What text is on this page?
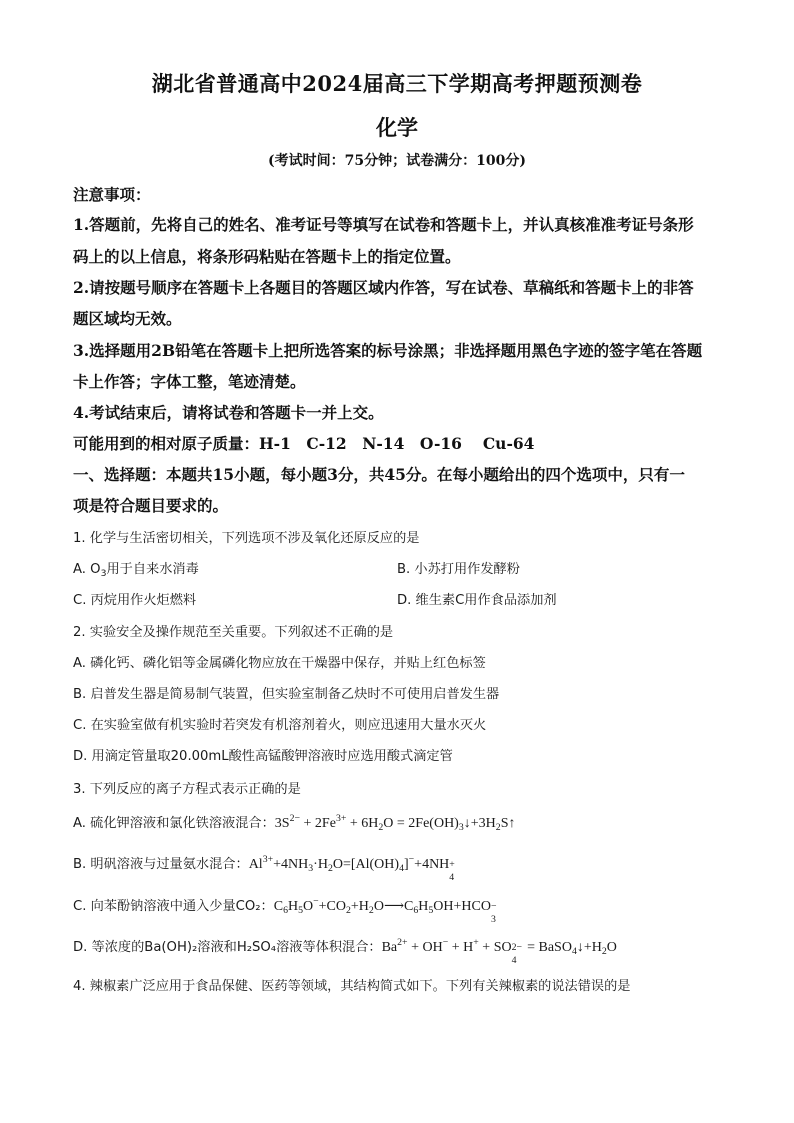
湖北省普通高中2024届高三下学期高考押题预测卷
化学
(考试时间：75分钟；试卷满分：100分)
注意事项：
1.答题前，先将自己的姓名、准考证号等填写在试卷和答题卡上，并认真核准准考证号条形
码上的以上信息，将条形码粘贴在答题卡上的指定位置。
2.请按题号顺序在答题卡上各题目的答题区域内作答，写在试卷、草稿纸和答题卡上的非答
题区域均无效。
3.选择题用2B铅笔在答题卡上把所选答案的标号涂黑；非选择题用黑色字迹的签字笔在答题
卡上作答；字体工整，笔迹清楚。
4.考试结束后，请将试卷和答题卡一并上交。
可能用到的相对原子质量：H-1　C-12　N-14　O-16　 Cu-64
一、选择题：本题共15小题，每小题3分，共45分。在每小题给出的四个选项中，只有一
项是符合题目要求的。
1. 化学与生活密切相关，下列选项不涉及氧化还原反应的是
A. $O_3$用于自来水消毒	B. 小苏打用作发酵粉
C. 丙烷用作火炬燃料	D. 维生素C用作食品添加剂
2. 实验安全及操作规范至关重要。下列叙述不正确的是
A. 磷化钙、磷化铝等金属磷化物应放在干燥器中保存，并贴上红色标签
B. 启普发生器是简易制气装置，但实验室制备乙炔时不可使用启普发生器
C. 在实验室做有机实验时若突发有机溶剂着火，则应迅速用大量水灭火
D. 用滴定管量取20.00mL酸性高锰酸钾溶液时应选用酸式滴定管
3. 下列反应的离子方程式表示正确的是
A. 硫化钾溶液和氯化铁溶液混合：$3S^{2-} + 2Fe^{3+} + 6H_2O$ = $2Fe(OH)_3↓+3H_2S↑$
B. 明矾溶液与过量氨水混合：$Al^{3+}+4NH_3\cdot H_2O=[Al(OH)_4]^-+4NH$ +
4
C. 向苯酚钠溶液中通入少量CO₂：$C_6H_5O^-+CO_2+H_2O⟶C_6H_5OH+HCO$ −
3
D. 等浓度的Ba(OH)₂溶液和H₂SO₄溶液等体积混合：$Ba^{2+} + OH^- + H^+$ + SO 2−
4
= $BaSO_4↓+H_2O$
4. 辣椒素广泛应用于食品保健、医药等领域，其结构简式如下。下列有关辣椒素的说法错误的是
